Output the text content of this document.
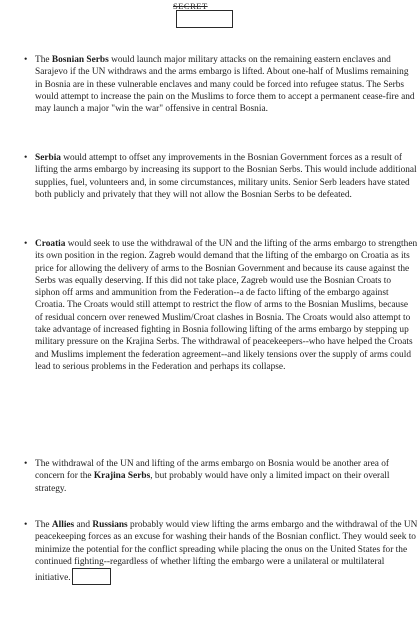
SECRET
• The Bosnian Serbs would launch major military attacks on the remaining eastern enclaves and Sarajevo if the UN withdraws and the arms embargo is lifted. About one-half of Muslims remaining in Bosnia are in these vulnerable enclaves and many could be forced into refugee status. The Serbs would attempt to increase the pain on the Muslims to force them to accept a permanent cease-fire and may launch a major "win the war" offensive in central Bosnia.
• Serbia would attempt to offset any improvements in the Bosnian Government forces as a result of lifting the arms embargo by increasing its support to the Bosnian Serbs. This would include additional supplies, fuel, volunteers and, in some circumstances, military units. Senior Serb leaders have stated both publicly and privately that they will not allow the Bosnian Serbs to be defeated.
• Croatia would seek to use the withdrawal of the UN and the lifting of the arms embargo to strengthen its own position in the region. Zagreb would demand that the lifting of the embargo on Croatia as its price for allowing the delivery of arms to the Bosnian Government and because its cause against the Serbs was equally deserving. If this did not take place, Zagreb would use the Bosnian Croats to siphon off arms and ammunition from the Federation--a de facto lifting of the embargo against Croatia. The Croats would still attempt to restrict the flow of arms to the Bosnian Muslims, because of residual concern over renewed Muslim/Croat clashes in Bosnia. The Croats would also attempt to take advantage of increased fighting in Bosnia following lifting of the arms embargo by stepping up military pressure on the Krajina Serbs. The withdrawal of peacekeepers--who have helped the Croats and Muslims implement the federation agreement--and likely tensions over the supply of arms could lead to serious problems in the Federation and perhaps its collapse.
• The withdrawal of the UN and lifting of the arms embargo on Bosnia would be another area of concern for the Krajina Serbs, but probably would have only a limited impact on their overall strategy.
• The Allies and Russians probably would view lifting the arms embargo and the withdrawal of the UN peacekeeping forces as an excuse for washing their hands of the Bosnian conflict. They would seek to minimize the potential for the conflict spreading while placing the onus on the United States for the continued fighting--regardless of whether lifting the embargo were a unilateral or multilateral initiative.
